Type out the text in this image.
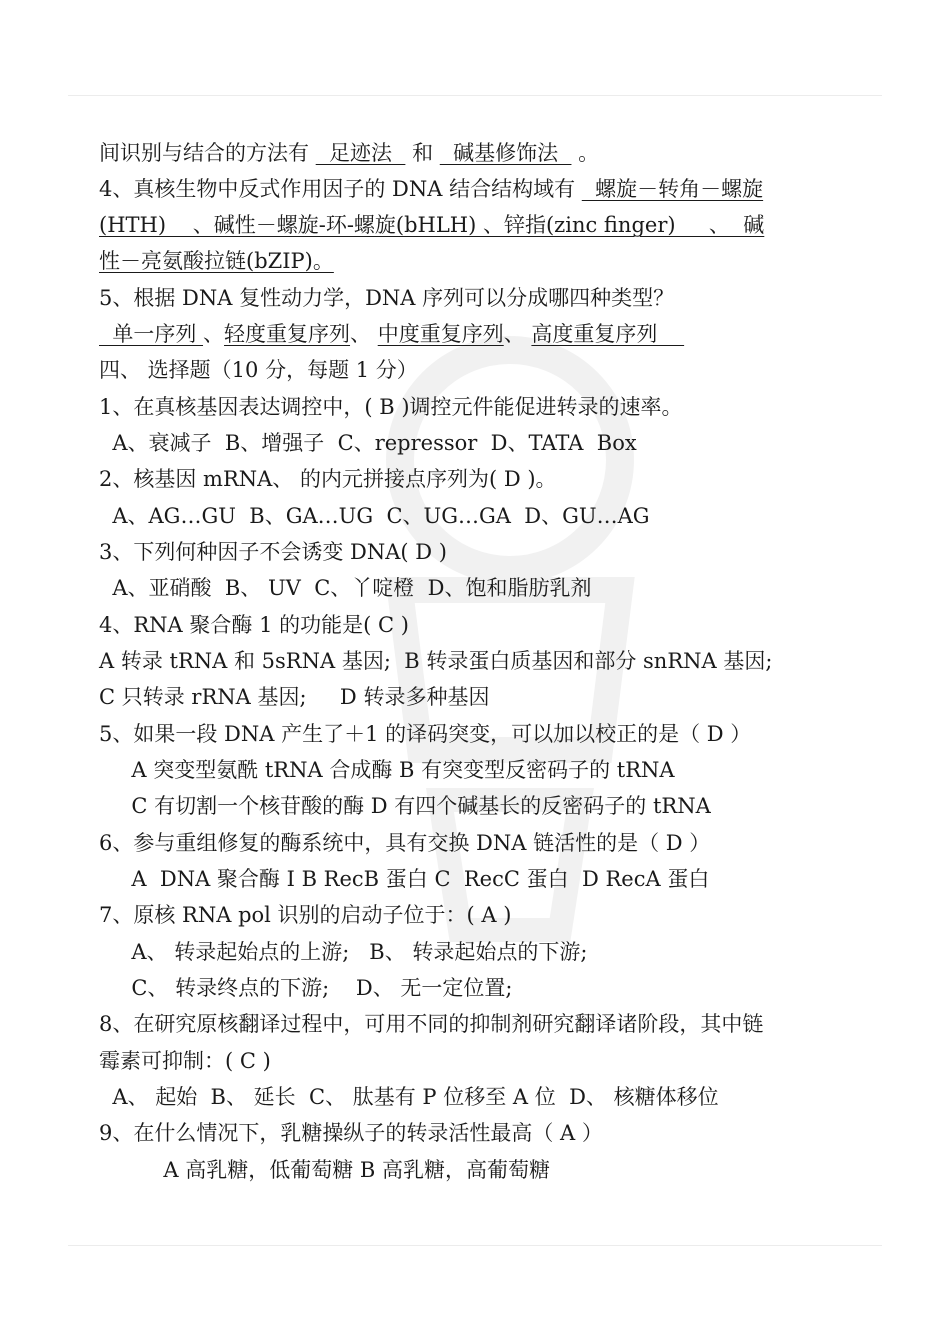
间识别与结合的方法有   足迹法   和   碱基修饰法   。
4、真核生物中反式作用因子的 DNA 结合结构域有   螺旋－转角－螺旋
(HTH)    、碱性－螺旋-环-螺旋(bHLH) 、锌指(zinc finger)     、  碱
性－亮氨酸拉链(bZIP)。
5、根据 DNA 复性动力学，DNA 序列可以分成哪四种类型？
单一序列 、轻度重复序列、 中度重复序列、 高度重复序列
四、 选择题（10 分，每题 1 分）
1、在真核基因表达调控中，( B )调控元件能促进转录的速率。
A、衰减子  B、增强子  C、repressor  D、TATA  Box
2、核基因 mRNA、 的内元拼接点序列为( D )。
A、AG…GU  B、GA…UG  C、UG…GA  D、GU…AG
3、下列何种因子不会诱变 DNA( D )
A、亚硝酸  B、 UV  C、丫啶橙  D、饱和脂肪乳剂
4、RNA 聚合酶 1 的功能是( C )
A 转录 tRNA 和 5sRNA 基因;  B 转录蛋白质基因和部分 snRNA 基因;
C 只转录 rRNA 基因;     D 转录多种基因
5、如果一段 DNA 产生了＋1 的译码突变，可以加以校正的是（ D ）
A 突变型氨酰 tRNA 合成酶 B 有突变型反密码子的 tRNA
C 有切割一个核苷酸的酶 D 有四个碱基长的反密码子的 tRNA
6、参与重组修复的酶系统中，具有交换 DNA 链活性的是（ D ）
A  DNA 聚合酶 I B RecB 蛋白 C  RecC 蛋白  D RecA 蛋白
7、原核 RNA pol 识别的启动子位于：( A )
A、 转录起始点的上游;   B、 转录起始点的下游;
C、 转录终点的下游;    D、 无一定位置;
8、在研究原核翻译过程中，可用不同的抑制剂研究翻译诸阶段，其中链
霉素可抑制：( C )
A、 起始  B、 延长  C、 肽基有 P 位移至 A 位  D、 核糖体移位
9、在什么情况下，乳糖操纵子的转录活性最高（ A ）
A 高乳糖，低葡萄糖 B 高乳糖，高葡萄糖
